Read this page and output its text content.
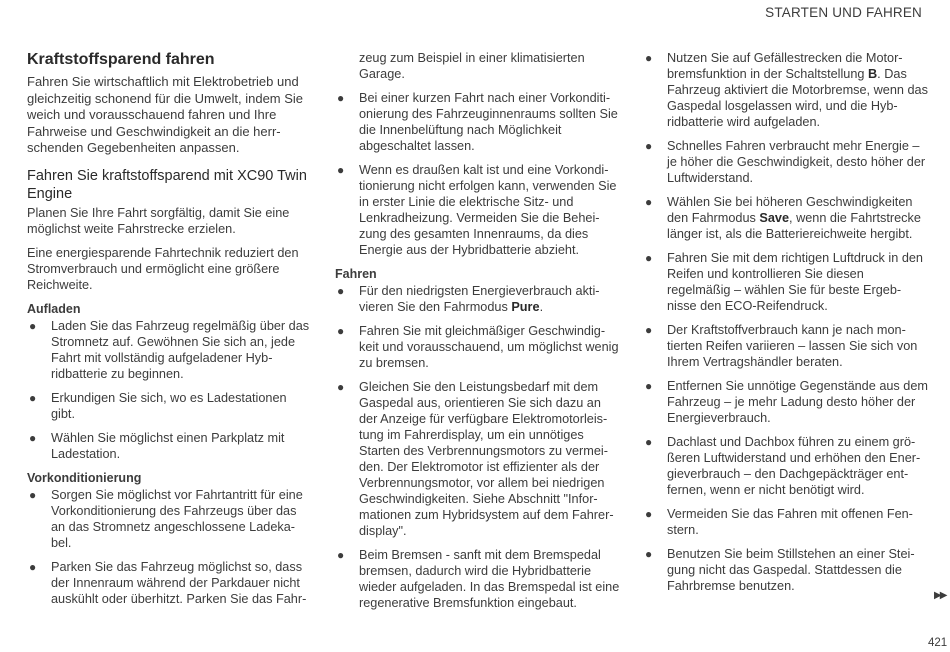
STARTEN UND FAHREN
Kraftstoffsparend fahren

Fahren Sie wirtschaftlich mit Elektrobetrieb und gleichzeitig schonend für die Umwelt, indem Sie weich und vorausschauend fahren und Ihre Fahrweise und Geschwindigkeit an die herr-schenden Gegebenheiten anpassen.

Fahren Sie kraftstoffsparend mit XC90 Twin Engine

Planen Sie Ihre Fahrt sorgfältig, damit Sie eine möglichst weite Fahrstrecke erzielen.

Eine energiesparende Fahrtechnik reduziert den Stromverbrauch und ermöglicht eine größere Reichweite.

Aufladen
● Laden Sie das Fahrzeug regelmäßig über das Stromnetz auf. Gewöhnen Sie sich an, jede Fahrt mit vollständig aufgeladener Hyb-ridbatterie zu beginnen.
● Erkundigen Sie sich, wo es Ladestationen gibt.
● Wählen Sie möglichst einen Parkplatz mit Ladestation.
Vorkonditionierung
● Sorgen Sie möglichst vor Fahrtantritt für eine Vorkonditionierung des Fahrzeugs über das an das Stromnetz angeschlossene Ladeka-bel.
● Parken Sie das Fahrzeug möglichst so, dass der Innenraum während der Parkdauer nicht auskühlt oder überhitzt. Parken Sie das Fahr-
zeug zum Beispiel in einer klimatisierten Garage.
● Bei einer kurzen Fahrt nach einer Vorkonditi-onierung des Fahrzeuginnenraums sollten Sie die Innenbelüftung nach Möglichkeit abgeschaltet lassen.
● Wenn es draußen kalt ist und eine Vorkondi-tionierung nicht erfolgen kann, verwenden Sie in erster Linie die elektrische Sitz- und Lenkradheizung. Vermeiden Sie die Behei-zung des gesamten Innenraums, da dies Energie aus der Hybridbatterie abzieht.
Fahren
● Für den niedrigsten Energieverbrauch akti-vieren Sie den Fahrmodus Pure.
● Fahren Sie mit gleichmäßiger Geschwindig-keit und vorausschauend, um möglichst wenig zu bremsen.
● Gleichen Sie den Leistungsbedarf mit dem Gaspedal aus, orientieren Sie sich dazu an der Anzeige für verfügbare Elektromotorleis-tung im Fahrerdisplay, um ein unnötiges Starten des Verbrennungsmotors zu vermei-den. Der Elektromotor ist effizienter als der Verbrennungsmotor, vor allem bei niedrigen Geschwindigkeiten. Siehe Abschnitt "Infor-mationen zum Hybridsystem auf dem Fahrer-display".
● Beim Bremsen - sanft mit dem Bremspedal bremsen, dadurch wird die Hybridbatterie wieder aufgeladen. In das Bremspedal ist eine regenerative Bremsfunktion eingebaut.
● Nutzen Sie auf Gefällestrecken die Motor-bremsfunktion in der Schaltstellung B. Das Fahrzeug aktiviert die Motorbremse, wenn das Gaspedal losgelassen wird, und die Hyb-ridbatterie wird aufgeladen.
● Schnelles Fahren verbraucht mehr Energie – je höher die Geschwindigkeit, desto höher der Luftwiderstand.
● Wählen Sie bei höheren Geschwindigkeiten den Fahrmodus Save, wenn die Fahrtstrecke länger ist, als die Batteriereichweite hergibt.
● Fahren Sie mit dem richtigen Luftdruck in den Reifen und kontrollieren Sie diesen regelmäßig – wählen Sie für beste Ergeb-nisse den ECO-Reifendruck.
● Der Kraftstoffverbrauch kann je nach mon-tierten Reifen variieren – lassen Sie sich von Ihrem Vertragshändler beraten.
● Entfernen Sie unnötige Gegenstände aus dem Fahrzeug – je mehr Ladung desto höher der Energieverbrauch.
● Dachlast und Dachbox führen zu einem grö-ßeren Luftwiderstand und erhöhen den Ener-gieverbrauch – den Dachgepäckträger ent-fernen, wenn er nicht benötigt wird.
● Vermeiden Sie das Fahren mit offenen Fen-stern.
● Benutzen Sie beim Stillstehen an einer Stei-gung nicht das Gaspedal. Stattdessen die Fahrbremse benutzen.
▶▶
421
